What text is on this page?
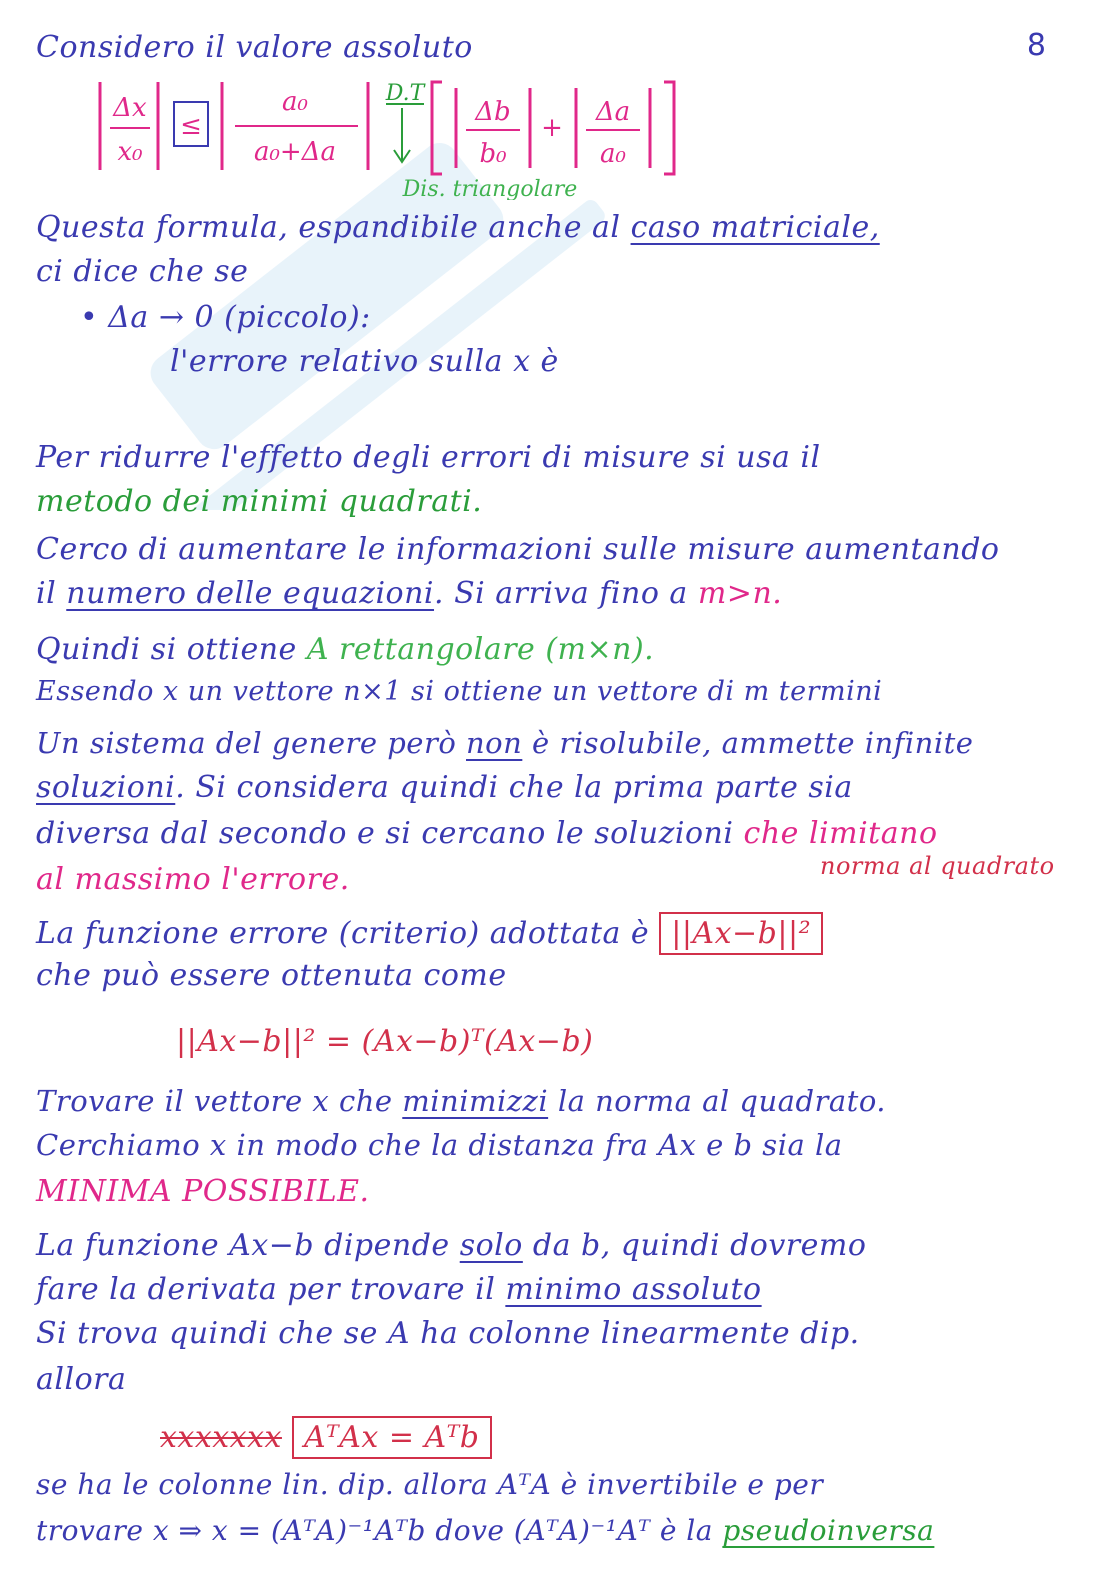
8
Considero il valore assoluto
Δx
x₀
≤
a₀
a₀+Δa
D.T
Δb
b₀
+
Δa
a₀
Dis. triangolare
Questa formula, espandibile anche al caso matriciale,
ci dice che se
• Δa → 0 (piccolo):
l'errore relativo sulla x è
Per ridurre l'effetto degli errori di misure si usa il
metodo dei minimi quadrati.
Cerco di aumentare le informazioni sulle misure aumentando
il numero delle equazioni. Si arriva fino a m>n.
Quindi si ottiene A rettangolare (m×n).
Essendo x un vettore n×1 si ottiene un vettore di m termini
Un sistema del genere però non è risolubile, ammette infinite
soluzioni. Si considera quindi che la prima parte sia
diversa dal secondo e si cercano le soluzioni che limitano
al massimo l'errore.	norma al quadrato
La funzione errore (criterio) adottata è ||Ax−b||²
che può essere ottenuta come
||Ax−b||² = (Ax−b)ᵀ(Ax−b)
Trovare il vettore x che minimizzi la norma al quadrato.
Cerchiamo x in modo che la distanza fra Ax e b sia la
MINIMA POSSIBILE.
La funzione Ax−b dipende solo da b, quindi dovremo
fare la derivata per trovare il minimo assoluto
Si trova quindi che se A ha colonne linearmente dip.
allora
xxxxxxx AᵀAx = Aᵀb
se ha le colonne lin. dip. allora AᵀA è invertibile e per
trovare x ⇒ x = (AᵀA)⁻¹Aᵀb dove (AᵀA)⁻¹Aᵀ è la pseudoinversa
